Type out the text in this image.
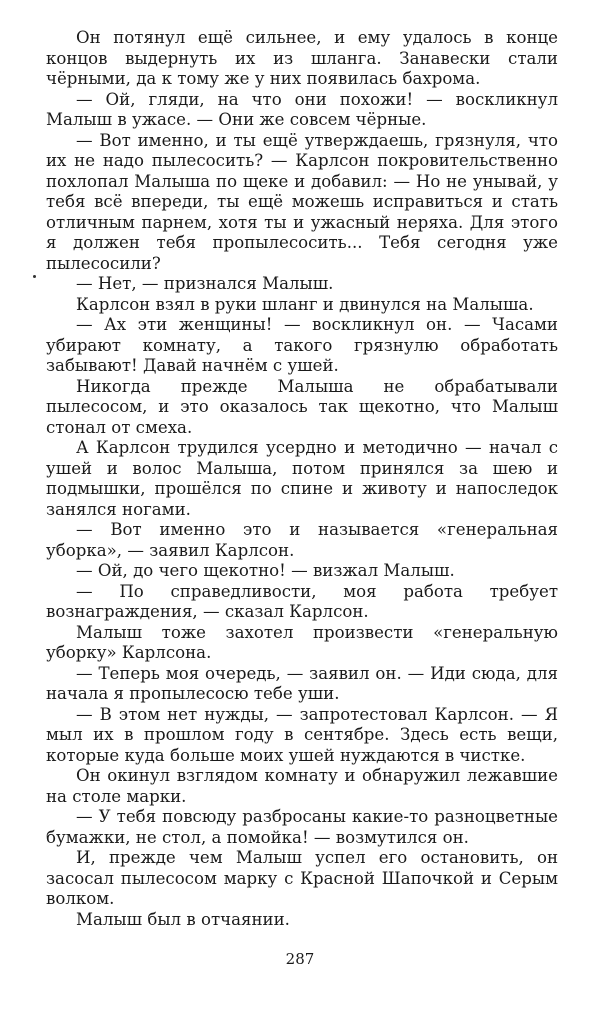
Он потянул ещё сильнее, и ему удалось в конце концов выдернуть их из шланга. Занавески стали чёрными, да к тому же у них появилась бахрома.

— Ой, гляди, на что они похожи! — воскликнул Малыш в ужасе. — Они же совсем чёрные.

— Вот именно, и ты ещё утверждаешь, грязнуля, что их не надо пылесосить? — Карлсон покровительственно похлопал Малыша по щеке и добавил: — Но не унывай, у тебя всё впереди, ты ещё можешь исправиться и стать отличным парнем, хотя ты и ужасный неряха. Для этого я должен тебя пропылесосить... Тебя сегодня уже пылесосили?

— Нет, — признался Малыш.

Карлсон взял в руки шланг и двинулся на Малыша.

— Ах эти женщины! — воскликнул он. — Часами убирают комнату, а такого грязнулю обработать забывают! Давай начнём с ушей.

Никогда прежде Малыша не обрабатывали пылесосом, и это оказалось так щекотно, что Малыш стонал от смеха.

А Карлсон трудился усердно и методично — начал с ушей и волос Малыша, потом принялся за шею и подмышки, прошёлся по спине и животу и напоследок занялся ногами.

— Вот именно это и называется «генеральная уборка», — заявил Карлсон.

— Ой, до чего щекотно! — визжал Малыш.

— По справедливости, моя работа требует вознаграждения, — сказал Карлсон.

Малыш тоже захотел произвести «генеральную уборку» Карлсона.

— Теперь моя очередь, — заявил он. — Иди сюда, для начала я пропылесосю тебе уши.

— В этом нет нужды, — запротестовал Карлсон. — Я мыл их в прошлом году в сентябре. Здесь есть вещи, которые куда больше моих ушей нуждаются в чистке.

Он окинул взглядом комнату и обнаружил лежавшие на столе марки.

— У тебя повсюду разбросаны какие-то разноцветные бумажки, не стол, а помойка! — возмутился он.

И, прежде чем Малыш успел его остановить, он засосал пылесосом марку с Красной Шапочкой и Серым волком.

Малыш был в отчаянии.

287
